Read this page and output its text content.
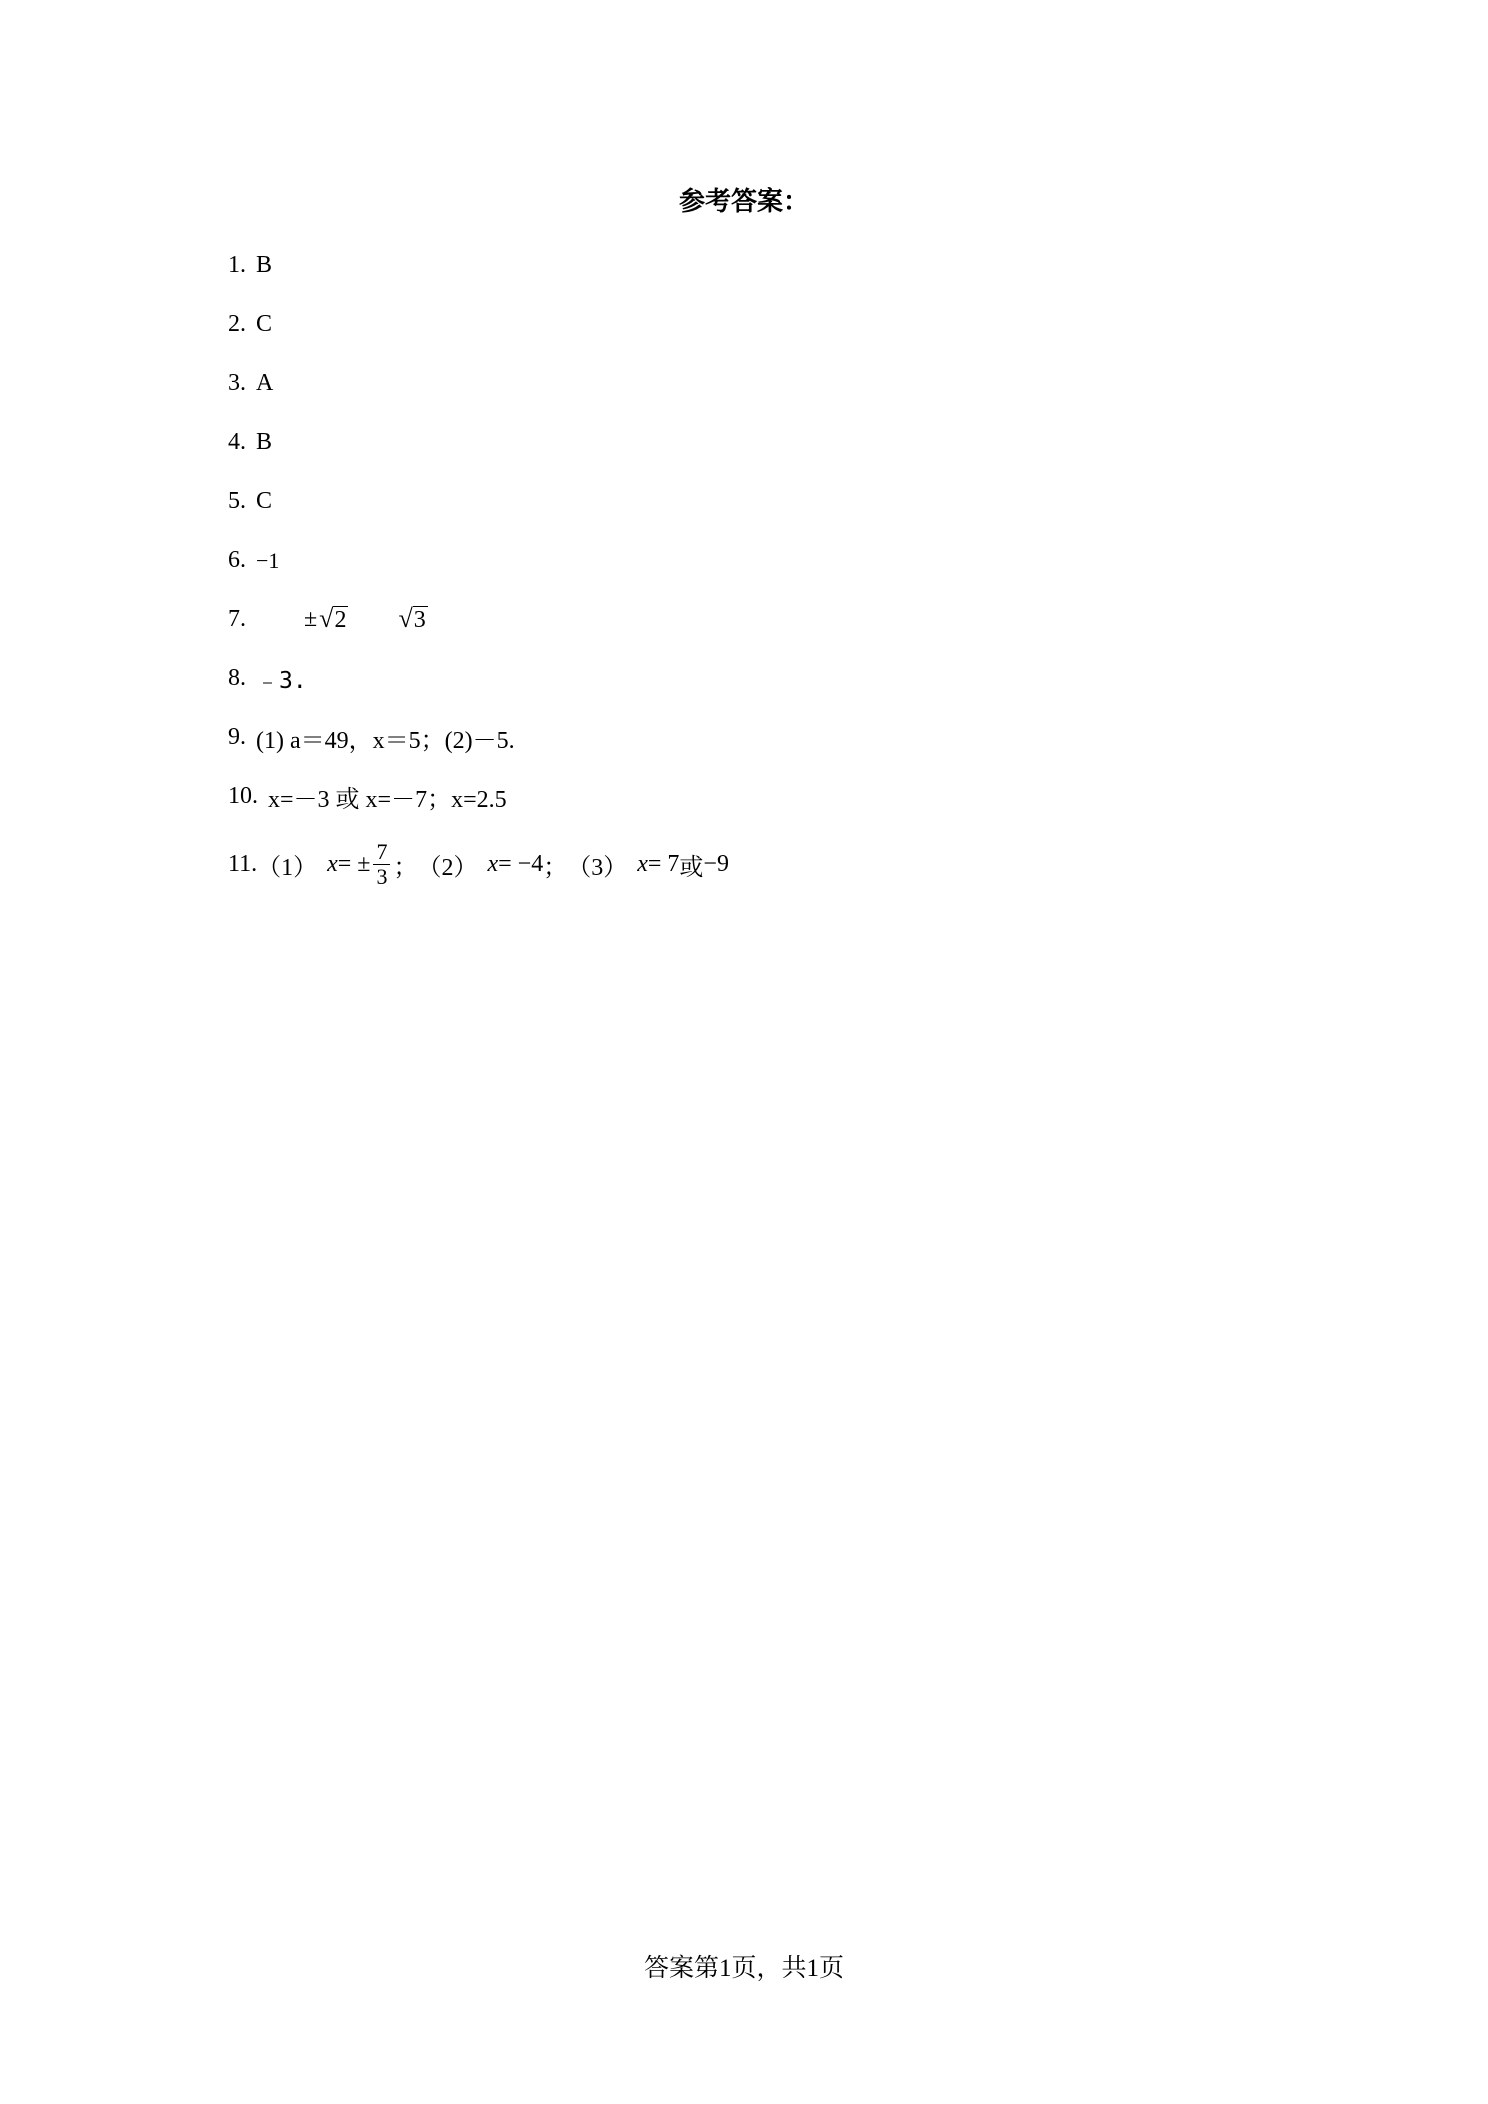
参考答案：
1 . B
2 . C
3 . A
4 . B
5 . C
6 . −1
7 . ± √ 2 √ 3
8 . ﹣3.
9 . (1) a＝49，x＝5；(2)－5.
10 . x=－3 或 x=－7；x=2.5
11 . （1） x = ± $\frac{7}{3}$ ； （2） x = −4 ； （3） x = 7 或 −9
答案第1页，共1页
